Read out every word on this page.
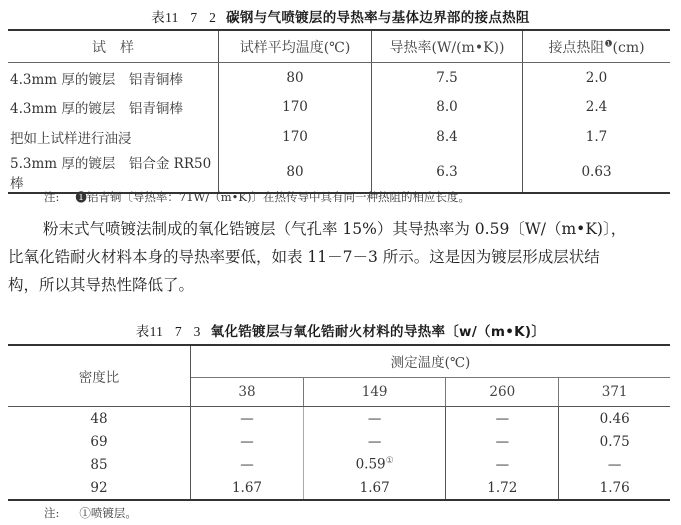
表11 7 2 碳钢与气喷镀层的导热率与基体边界部的接点热阻
试　样	试样平均温度(℃)	导热率(W/(m•K))	接点热阻$^❶$(cm)
4.3mm 厚的镀层　铝青铜棒	80	7.5	2.0
4.3mm 厚的镀层　铝青铜棒	170	8.0	2.4
把如上试样进行油浸	170	8.4	1.7
5.3mm 厚的镀层　铝合金 RR50 棒	80	6.3	0.63
注: ❶铝青铜〔导热率：71W/（m•K)〕在热传导中具有同一种热阻的相应长度。
粉末式气喷镀法制成的氧化锆镀层（气孔率 15%）其导热率为 0.59〔W/（m•K)〕，
比氧化锆耐火材料本身的导热率要低，如表 11－7－3 所示。这是因为镀层形成层状结
构，所以其导热性降低了。
表11 7 3 氧化锆镀层与氧化锆耐火材料的导热率〔w/（m•K)〕
密度比	测定温度(℃)			
	38	149	260	371
48	—	—	—	0.46
69	—	—	—	0.75
85	—	0.59①	—	—
92	1.67	1.67	1.72	1.76
注: ①喷镀层。
